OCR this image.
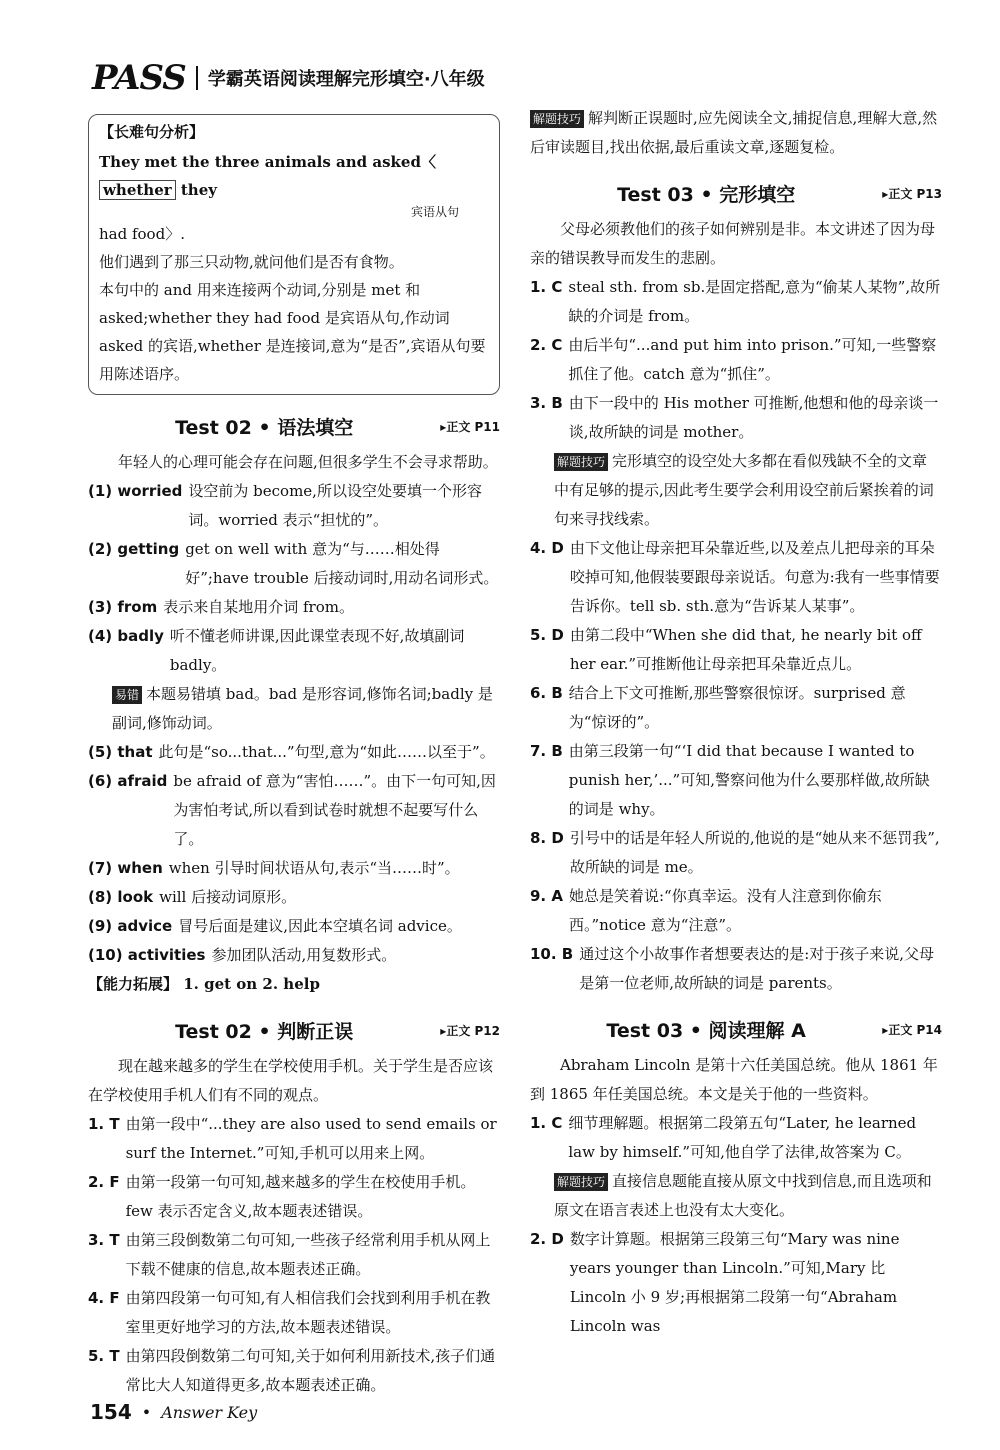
PASS 学霸英语阅读理解完形填空·八年级
【长难句分析】

They met the three animals and asked〈whether they

宾语从句

had food〉.

他们遇到了那三只动物,就问他们是否有食物。

本句中的 and 用来连接两个动词,分别是 met 和 asked;whether they had food 是宾语从句,作动词 asked 的宾语,whether 是连接词,意为“是否”,宾语从句要用陈述语序。

Test 02 • 语法填空	▸正文 P11

年轻人的心理可能会存在问题,但很多学生不会寻求帮助。

(1) worried 设空前为 become,所以设空处要填一个形容词。worried 表示“担忧的”。
(2) getting get on well with 意为“与……相处得好”;have trouble 后接动词时,用动名词形式。
(3) from 表示来自某地用介词 from。
(4) badly 听不懂老师讲课,因此课堂表现不好,故填副词 badly。
易错 本题易错填 bad。bad 是形容词,修饰名词;badly 是副词,修饰动词。
(5) that 此句是“so...that...”句型,意为“如此……以至于”。
(6) afraid be afraid of 意为“害怕……”。由下一句可知,因为害怕考试,所以看到试卷时就想不起要写什么了。
(7) when when 引导时间状语从句,表示“当……时”。
(8) look will 后接动词原形。
(9) advice 冒号后面是建议,因此本空填名词 advice。
(10) activities 参加团队活动,用复数形式。
【能力拓展】 1. get on 2. help
Test 02 • 判断正误	▸正文 P12

现在越来越多的学生在学校使用手机。关于学生是否应该在学校使用手机人们有不同的观点。

1. T 由第一段中“...they are also used to send emails or surf the Internet.”可知,手机可以用来上网。
2. F 由第一段第一句可知,越来越多的学生在校使用手机。few 表示否定含义,故本题表述错误。
3. T 由第三段倒数第二句可知,一些孩子经常利用手机从网上下载不健康的信息,故本题表述正确。
4. F 由第四段第一句可知,有人相信我们会找到利用手机在教室里更好地学习的方法,故本题表述错误。
5. T 由第四段倒数第二句可知,关于如何利用新技术,孩子们通常比大人知道得更多,故本题表述正确。
解题技巧 解判断正误题时,应先阅读全文,捕捉信息,理解大意,然后审读题目,找出依据,最后重读文章,逐题复检。
Test 03 • 完形填空	▸正文 P13

父母必须教他们的孩子如何辨别是非。本文讲述了因为母亲的错误教导而发生的悲剧。

1. C steal sth. from sb.是固定搭配,意为“偷某人某物”,故所缺的介词是 from。
2. C 由后半句“...and put him into prison.”可知,一些警察抓住了他。catch 意为“抓住”。
3. B 由下一段中的 His mother 可推断,他想和他的母亲谈一谈,故所缺的词是 mother。
解题技巧 完形填空的设空处大多都在看似残缺不全的文章中有足够的提示,因此考生要学会利用设空前后紧挨着的词句来寻找线索。
4. D 由下文他让母亲把耳朵靠近些,以及差点儿把母亲的耳朵咬掉可知,他假装要跟母亲说话。句意为:我有一些事情要告诉你。tell sb. sth.意为“告诉某人某事”。
5. D 由第二段中“When she did that, he nearly bit off her ear.”可推断他让母亲把耳朵靠近点儿。
6. B 结合上下文可推断,那些警察很惊讶。surprised 意为“惊讶的”。
7. B 由第三段第一句“‘I did that because I wanted to punish her,’...”可知,警察问他为什么要那样做,故所缺的词是 why。
8. D 引号中的话是年轻人所说的,他说的是“她从来不惩罚我”,故所缺的词是 me。
9. A 她总是笑着说:“你真幸运。没有人注意到你偷东西。”notice 意为“注意”。
10. B 通过这个小故事作者想要表达的是:对于孩子来说,父母是第一位老师,故所缺的词是 parents。
Test 03 • 阅读理解 A	▸正文 P14

Abraham Lincoln 是第十六任美国总统。他从 1861 年到 1865 年任美国总统。本文是关于他的一些资料。

1. C 细节理解题。根据第二段第五句“Later, he learned law by himself.”可知,他自学了法律,故答案为 C。
解题技巧 直接信息题能直接从原文中找到信息,而且选项和原文在语言表述上也没有太大变化。
2. D 数字计算题。根据第三段第三句“Mary was nine years younger than Lincoln.”可知,Mary 比 Lincoln 小 9 岁;再根据第二段第一句“Abraham Lincoln was
154 • Answer Key
